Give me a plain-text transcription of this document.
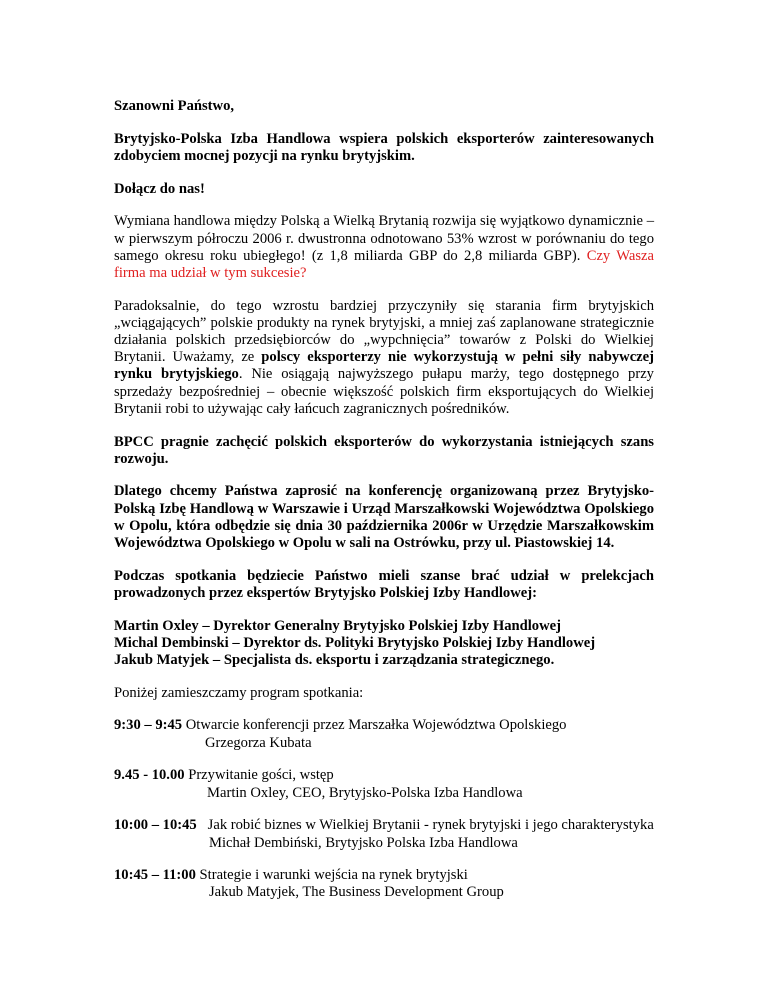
Szanowni Państwo,

Brytyjsko-Polska Izba Handlowa wspiera polskich eksporterów zainteresowanych zdobyciem mocnej pozycji na rynku brytyjskim.

Dołącz do nas!

Wymiana handlowa między Polską a Wielką Brytanią rozwija się wyjątkowo dynamicznie – w pierwszym półroczu 2006 r. dwustronna odnotowano 53% wzrost w porównaniu do tego samego okresu roku ubiegłego! (z 1,8 miliarda GBP do 2,8 miliarda GBP). Czy Wasza firma ma udział w tym sukcesie?

Paradoksalnie, do tego wzrostu bardziej przyczyniły się starania firm brytyjskich „wciągających” polskie produkty na rynek brytyjski, a mniej zaś zaplanowane strategicznie działania polskich przedsiębiorców do „wypchnięcia” towarów z Polski do Wielkiej Brytanii. Uważamy, ze polscy eksporterzy nie wykorzystują w pełni siły nabywczej rynku brytyjskiego. Nie osiągają najwyższego pułapu marży, tego dostępnego przy sprzedaży bezpośredniej – obecnie większość polskich firm eksportujących do Wielkiej Brytanii robi to używając cały łańcuch zagranicznych pośredników.

BPCC pragnie zachęcić polskich eksporterów do wykorzystania istniejących szans rozwoju.

Dlatego chcemy Państwa zaprosić na konferencję organizowaną przez Brytyjsko-Polską Izbę Handlową w Warszawie i Urząd Marszałkowski Województwa Opolskiego w Opolu, która odbędzie się dnia 30 października 2006r w Urzędzie Marszałkowskim Województwa Opolskiego w Opolu w sali na Ostrówku, przy ul. Piastowskiej 14.

Podczas spotkania będziecie Państwo mieli szanse brać udział w prelekcjach prowadzonych przez ekspertów Brytyjsko Polskiej Izby Handlowej:

Martin Oxley – Dyrektor Generalny Brytyjsko Polskiej Izby Handlowej
Michal Dembinski – Dyrektor ds. Polityki Brytyjsko Polskiej Izby Handlowej
Jakub Matyjek – Specjalista ds. eksportu i zarządzania strategicznego.

Poniżej zamieszczamy program spotkania:

9:30 – 9:45 Otwarcie konferencji przez Marszałka Województwa Opolskiego
Grzegorza Kubata
9.45 - 10.00 Przywitanie gości, wstęp
Martin Oxley, CEO, Brytyjsko-Polska Izba Handlowa
10:00 – 10:45 Jak robić biznes w Wielkiej Brytanii - rynek brytyjski i jego charakterystyka
Michał Dembiński, Brytyjsko Polska Izba Handlowa
10:45 – 11:00 Strategie i warunki wejścia na rynek brytyjski
Jakub Matyjek, The Business Development Group
